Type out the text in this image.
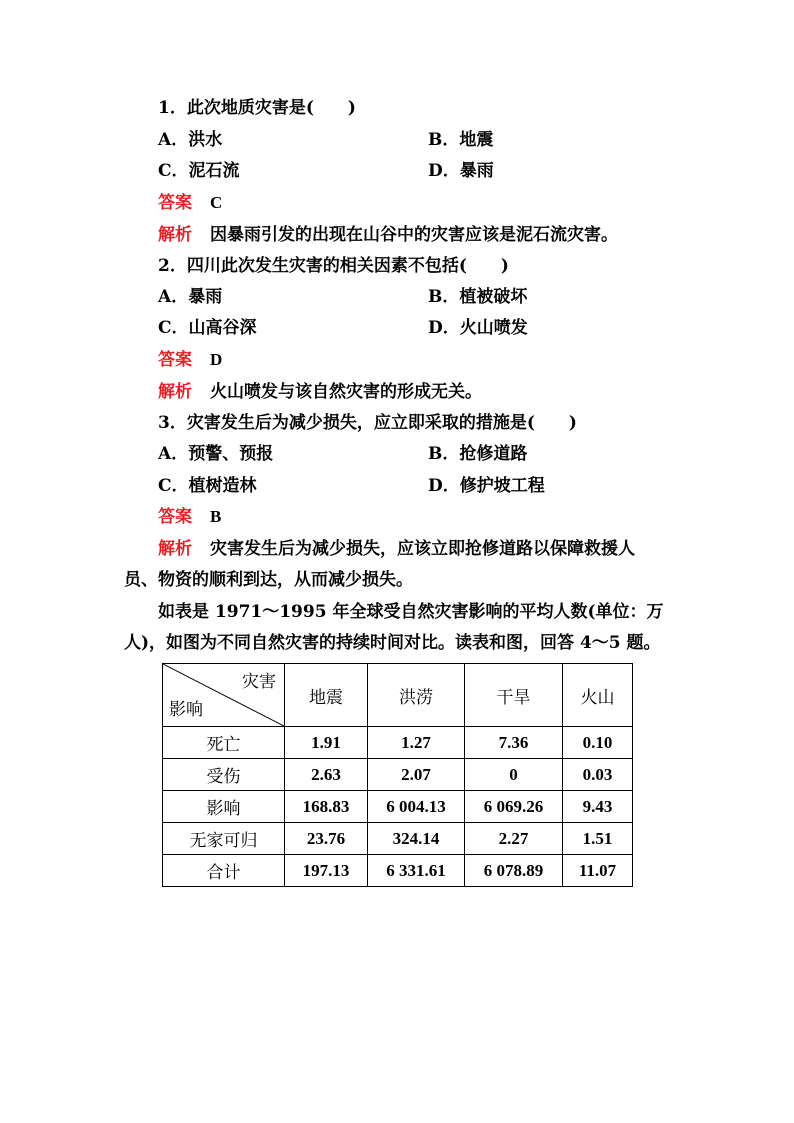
1．此次地质灾害是(　　)
A．洪水	B．地震
C．泥石流	D．暴雨
答案 C
解析 因暴雨引发的出现在山谷中的灾害应该是泥石流灾害。
2．四川此次发生灾害的相关因素不包括(　　)
A．暴雨	B．植被破坏
C．山高谷深	D．火山喷发
答案 D
解析 火山喷发与该自然灾害的形成无关。
3．灾害发生后为减少损失，应立即采取的措施是(　　)
A．预警、预报	B．抢修道路
C．植树造林	D．修护坡工程
答案 B
解析 灾害发生后为减少损失，应该立即抢修道路以保障救援人
员、物资的顺利到达，从而减少损失。
如表是 1971～1995 年全球受自然灾害影响的平均人数(单位：万
人)，如图为不同自然灾害的持续时间对比。读表和图，回答 4～5 题。
灾害
影响	地震	洪涝	干旱	火山
死亡	1.91	1.27	7.36	0.10
受伤	2.63	2.07	0	0.03
影响	168.83	6 004.13	6 069.26	9.43
无家可归	23.76	324.14	2.27	1.51
合计	197.13	6 331.61	6 078.89	11.07
